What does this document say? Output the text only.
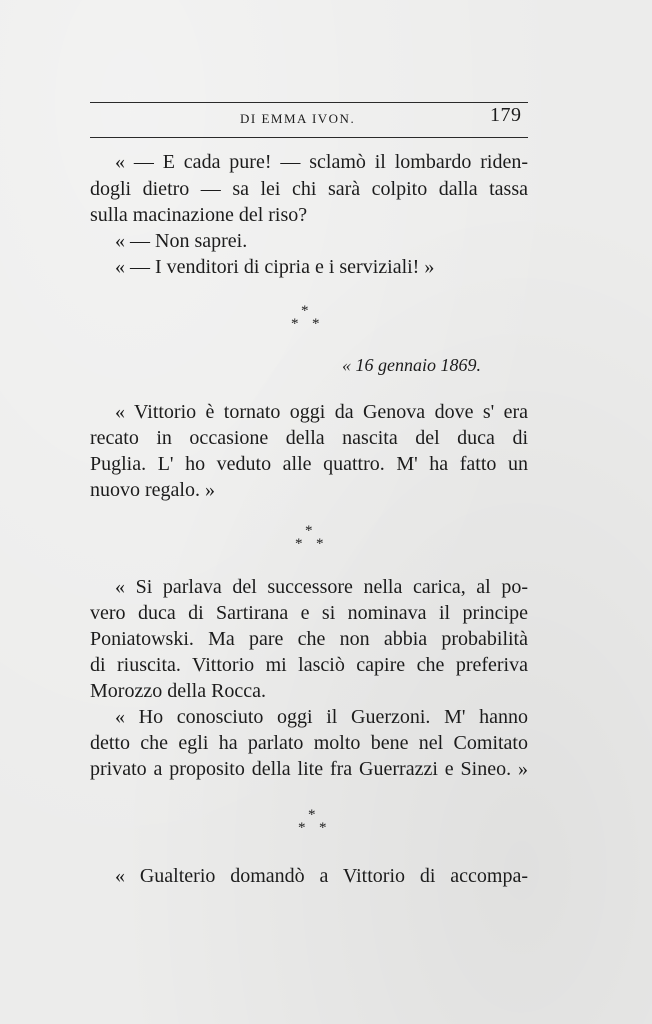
DI EMMA IVON.	179
« — E cada pure! — sclamò il lombardo riden-
dogli dietro — sa lei chi sarà colpito dalla tassa
sulla macinazione del riso?
« — Non saprei.
« — I venditori di cipria e i serviziali! »
*
* *
« 16 gennaio 1869.
« Vittorio è tornato oggi da Genova dove s' era
recato in occasione della nascita del duca di
Puglia. L' ho veduto alle quattro. M' ha fatto un
nuovo regalo. »
*
* *
« Si parlava del successore nella carica, al po-
vero duca di Sartirana e si nominava il principe
Poniatowski. Ma pare che non abbia probabilità
di riuscita. Vittorio mi lasciò capire che preferiva
Morozzo della Rocca.
« Ho conosciuto oggi il Guerzoni. M' hanno
detto che egli ha parlato molto bene nel Comitato
privato a proposito della lite fra Guerrazzi e Sineo. »
*
* *
« Gualterio domandò a Vittorio di accompa-
